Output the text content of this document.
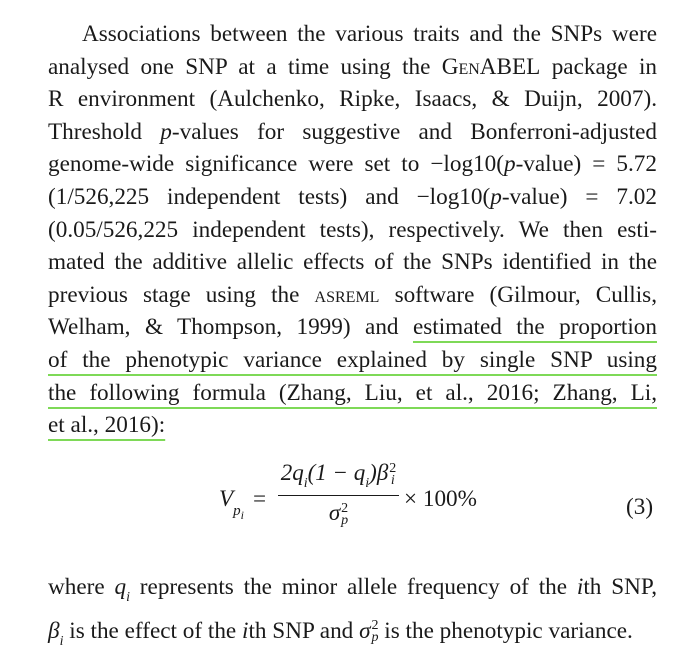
Associations between the various traits and the SNPs were
analysed one SNP at a time using the GenABEL package in
R environment (Aulchenko, Ripke, Isaacs, & Duijn, 2007).
Threshold p-values for suggestive and Bonferroni-adjusted
genome-wide significance were set to −log10(p-value) = 5.72
(1/526,225 independent tests) and −log10(p-value) = 7.02
(0.05/526,225 independent tests), respectively. We then esti-
mated the additive allelic effects of the SNPs identified in the
previous stage using the asreml software (Gilmour, Cullis,
Welham, & Thompson, 1999) and estimated the proportion
of the phenotypic variance explained by single SNP using
the following formula (Zhang, Liu, et al., 2016; Zhang, Li,
et al., 2016):
$V_{p_i}$
=
$2q_i(1 - q_i)\beta$ 2
i
σ 2
p
× 100%	(3)
where $q_i$ represents the minor allele frequency of the ith SNP,
$\beta_i$ is the effect of the ith SNP and σ 2
p is the phenotypic variance.
